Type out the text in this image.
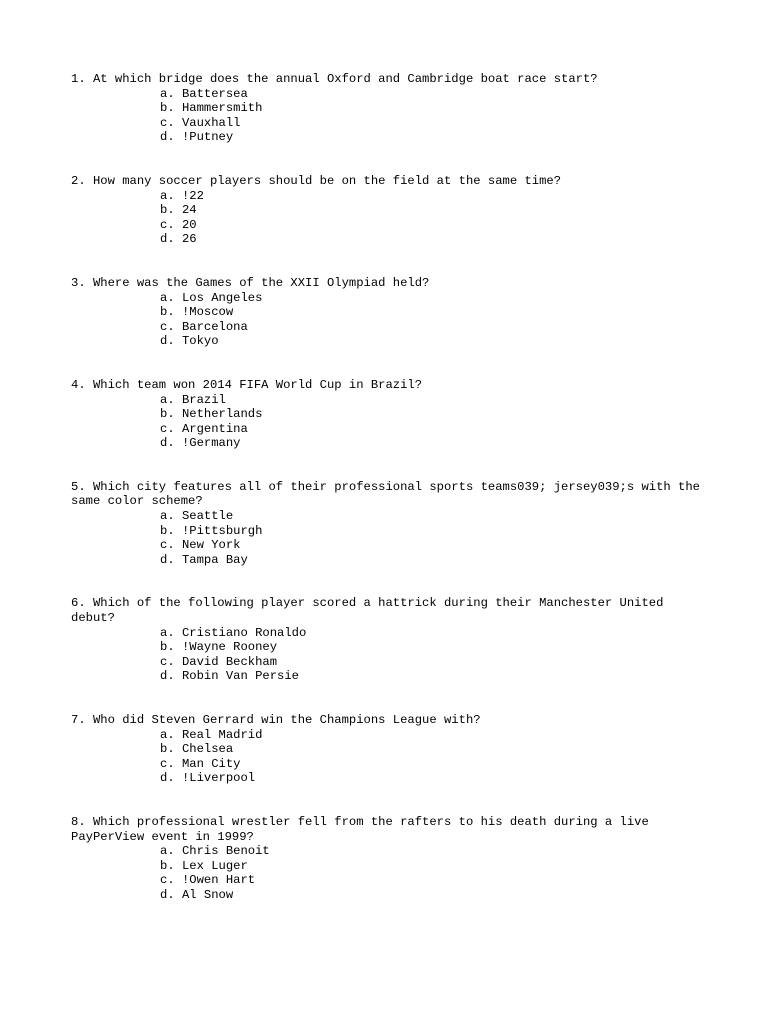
1. At which bridge does the annual Oxford and Cambridge boat race start?

a. Battersea
b. Hammersmith
c. Vauxhall
d. !Putney

2. How many soccer players should be on the field at the same time?

a. !22
b. 24
c. 20
d. 26

3. Where was the Games of the XXII Olympiad held?

a. Los Angeles
b. !Moscow
c. Barcelona
d. Tokyo

4. Which team won 2014 FIFA World Cup in Brazil?

a. Brazil
b. Netherlands
c. Argentina
d. !Germany

5. Which city features all of their professional sports teams039; jersey039;s with the same color scheme?

a. Seattle
b. !Pittsburgh
c. New York
d. Tampa Bay

6. Which of the following player scored a hattrick during their Manchester United debut?

a. Cristiano Ronaldo
b. !Wayne Rooney
c. David Beckham
d. Robin Van Persie

7. Who did Steven Gerrard win the Champions League with?

a. Real Madrid
b. Chelsea
c. Man City
d. !Liverpool

8. Which professional wrestler fell from the rafters to his death during a live PayPerView event in 1999?

a. Chris Benoit
b. Lex Luger
c. !Owen Hart
d. Al Snow
